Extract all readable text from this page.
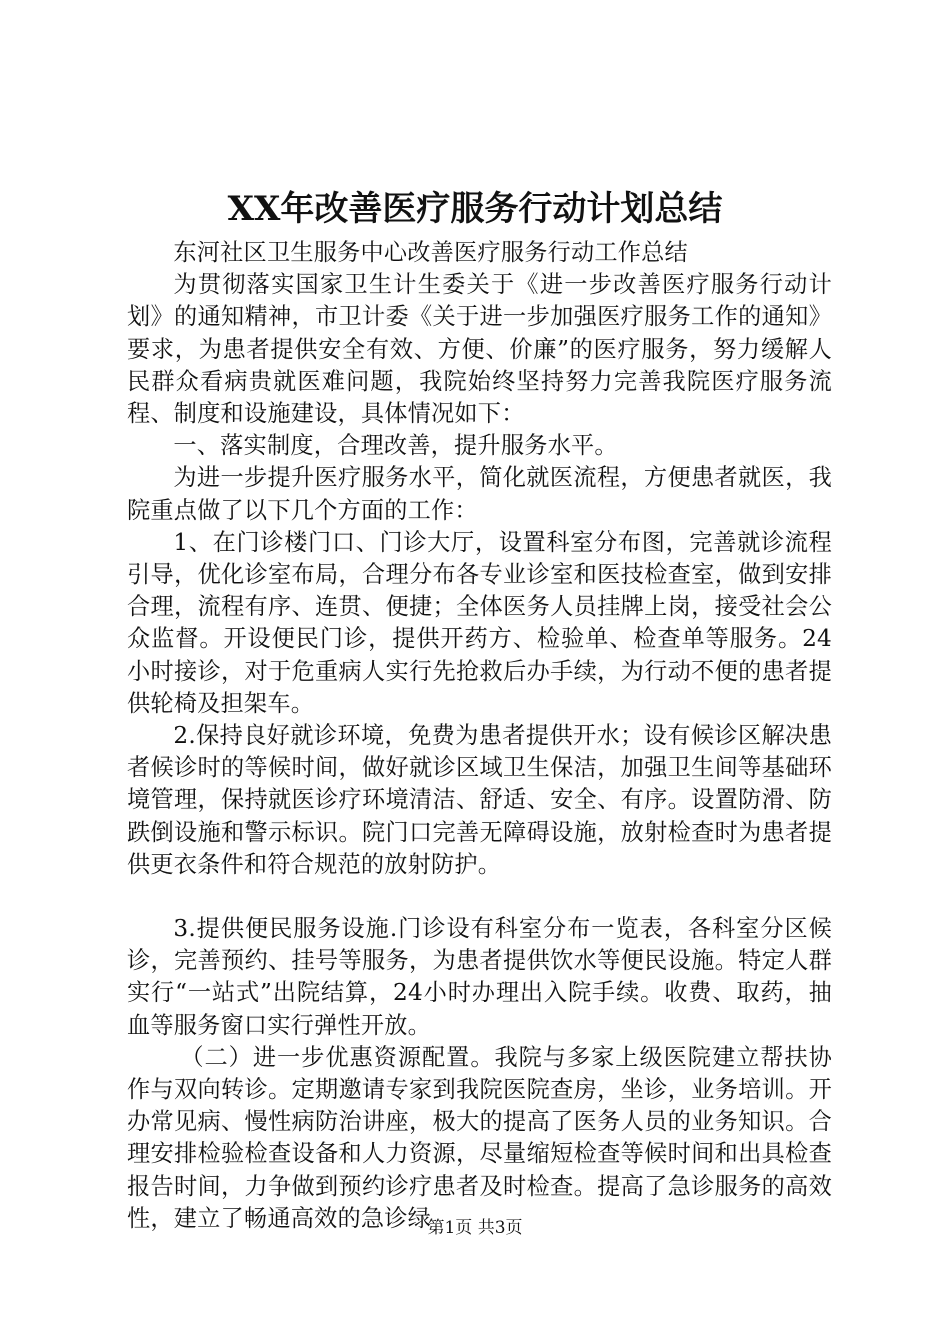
XX年改善医疗服务行动计划总结

东河社区卫生服务中心改善医疗服务行动工作总结

为贯彻落实国家卫生计生委关于《进一步改善医疗服务行动计划》的通知精神，市卫计委《关于进一步加强医疗服务工作的通知》要求，为患者提供安全有效、方便、价廉”的医疗服务，努力缓解人民群众看病贵就医难问题，我院始终坚持努力完善我院医疗服务流程、制度和设施建设，具体情况如下：

一、落实制度，合理改善，提升服务水平。

为进一步提升医疗服务水平，简化就医流程，方便患者就医，我院重点做了以下几个方面的工作：

1、在门诊楼门口、门诊大厅，设置科室分布图，完善就诊流程引导，优化诊室布局，合理分布各专业诊室和医技检查室，做到安排合理，流程有序、连贯、便捷；全体医务人员挂牌上岗，接受社会公众监督。开设便民门诊，提供开药方、检验单、检查单等服务。24小时接诊，对于危重病人实行先抢救后办手续，为行动不便的患者提供轮椅及担架车。

2.保持良好就诊环境，免费为患者提供开水；设有候诊区解决患者候诊时的等候时间，做好就诊区域卫生保洁，加强卫生间等基础环境管理，保持就医诊疗环境清洁、舒适、安全、有序。设置防滑、防跌倒设施和警示标识。院门口完善无障碍设施，放射检查时为患者提供更衣条件和符合规范的放射防护。

3.提供便民服务设施.门诊设有科室分布一览表，各科室分区候诊，完善预约、挂号等服务，为患者提供饮水等便民设施。特定人群实行“一站式”出院结算，24小时办理出入院手续。收费、取药，抽血等服务窗口实行弹性开放。

（二）进一步优惠资源配置。我院与多家上级医院建立帮扶协作与双向转诊。定期邀请专家到我院医院查房，坐诊，业务培训。开办常见病、慢性病防治讲座，极大的提高了医务人员的业务知识。合理安排检验检查设备和人力资源，尽量缩短检查等候时间和出具检查报告时间，力争做到预约诊疗患者及时检查。提高了急诊服务的高效性，建立了畅通高效的急诊绿

第1页 共3页
